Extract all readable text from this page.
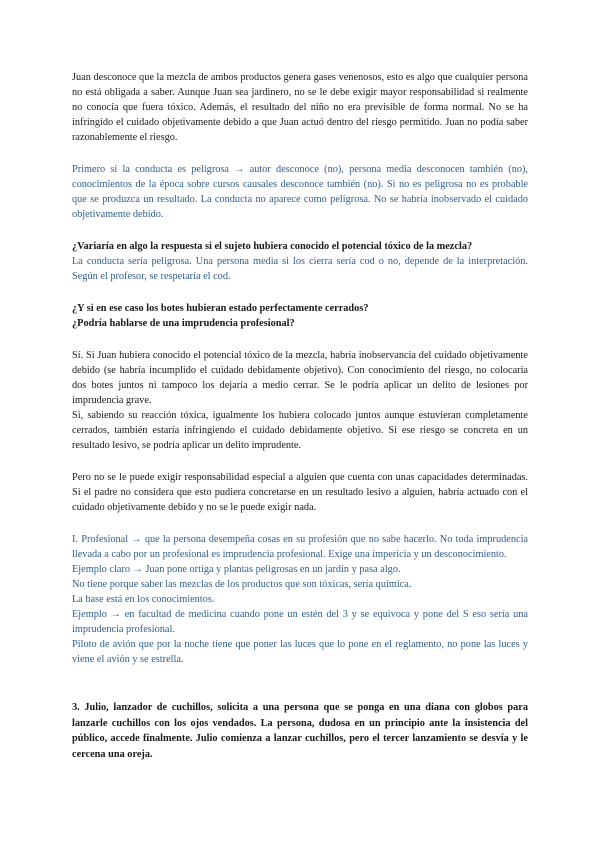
Juan desconoce que la mezcla de ambos productos genera gases venenosos, esto es algo que cualquier persona no está obligada a saber. Aunque Juan sea jardinero, no se le debe exigir mayor responsabilidad si realmente no conocía que fuera tóxico. Además, el resultado del niño no era previsible de forma normal. No se ha infringido el cuidado objetivamente debido a que Juan actuó dentro del riesgo permitido. Juan no podía saber razonablemente el riesgo.

Primero si la conducta es peligrosa → autor desconoce (no), persona media desconocen también (no), conocimientos de la época sobre cursos causales desconoce también (no). Si no es peligrosa no es probable que se produzca un resultado. La conducta no aparece como peligrosa. No se habría inobservado el cuidado objetivamente debido.

¿Variaría en algo la respuesta si el sujeto hubiera conocido el potencial tóxico de la mezcla?

La conducta sería peligrosa. Una persona media si los cierra sería cod o no, depende de la interpretación. Según el profesor, se respetaría el cod.

¿Y si en ese caso los botes hubieran estado perfectamente cerrados?

¿Podría hablarse de una imprudencia profesional?

Sí. Si Juan hubiera conocido el potencial tóxico de la mezcla, habría inobservancia del cuidado objetivamente debido (se habría incumplido el cuidado debidamente objetivo). Con conocimiento del riesgo, no colocaría dos botes juntos ni tampoco los dejaría a medio cerrar. Se le podría aplicar un delito de lesiones por imprudencia grave.

Si, sabiendo su reacción tóxica, igualmente los hubiera colocado juntos aunque estuvieran completamente cerrados, también estaría infringiendo el cuidado debidamente objetivo. Si ese riesgo se concreta en un resultado lesivo, se podría aplicar un delito imprudente.

Pero no se le puede exigir responsabilidad especial a alguien que cuenta con unas capacidades determinadas. Si el padre no considera que esto pudiera concretarse en un resultado lesivo a alguien, habría actuado con el cuidado objetivamente debido y no se le puede exigir nada.

I. Profesional → que la persona desempeña cosas en su profesión que no sabe hacerlo. No toda imprudencia llevada a cabo por un profesional es imprudencia profesional. Exige una impericia y un desconocimiento.

Ejemplo claro → Juan pone ortiga y plantas peligrosas en un jardín y pasa algo.

No tiene porque saber las mezclas de los productos que son tóxicas, sería química.

La base está en los conocimientos.

Ejemplo → en facultad de medicina cuando pone un estén del 3 y se equivoca y pone del S eso sería una imprudencia profesional.

Piloto de avión que por la noche tiene que poner las luces que lo pone en el reglamento, no pone las luces y viene el avión y se estrella.

3. Julio, lanzador de cuchillos, solicita a una persona que se ponga en una diana con globos para lanzarle cuchillos con los ojos vendados. La persona, dudosa en un principio ante la insistencia del público, accede finalmente. Julio comienza a lanzar cuchillos, pero el tercer lanzamiento se desvía y le cercena una oreja.
